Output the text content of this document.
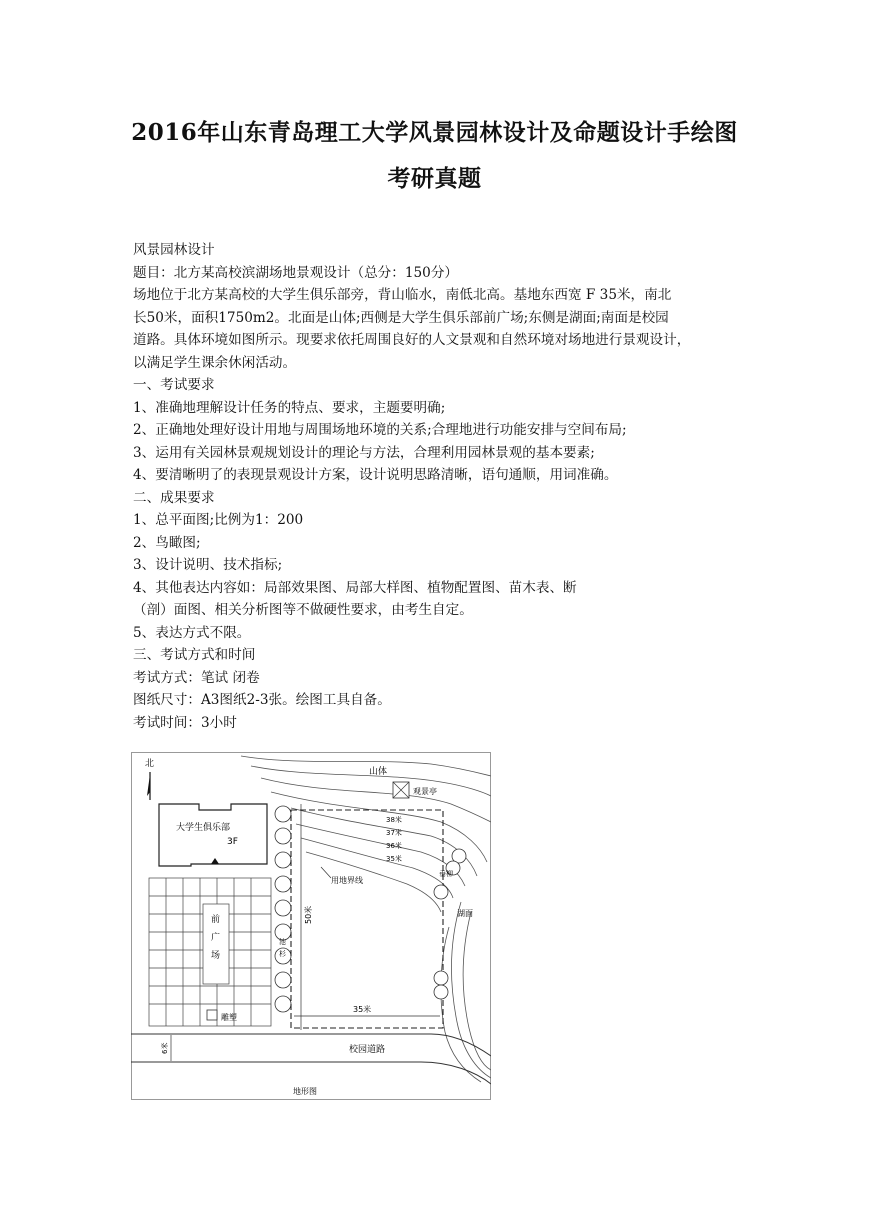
2016年山东青岛理工大学风景园林设计及命题设计手绘图
考研真题

风景园林设计

题目：北方某高校滨湖场地景观设计（总分：150分）

场地位于北方某高校的大学生俱乐部旁，背山临水，南低北高。基地东西宽 F 35米，南北

长50米，面积1750m2。北面是山体;西侧是大学生俱乐部前广场;东侧是湖面;南面是校园

道路。具体环境如图所示。现要求依托周围良好的人文景观和自然环境对场地进行景观设计，

以满足学生课余休闲活动。

一、考试要求

1、准确地理解设计任务的特点、要求，主题要明确;

2、正确地处理好设计用地与周围场地环境的关系;合理地进行功能安排与空间布局;

3、运用有关园林景观规划设计的理论与方法，合理利用园林景观的基本要素;

4、要清晰明了的表现景观设计方案，设计说明思路清晰，语句通顺，用词准确。

二、成果要求

1、总平面图;比例为1：200

2、鸟瞰图;

3、设计说明、技术指标;

4、其他表达内容如：局部效果图、局部大样图、植物配置图、苗木表、断

（剖）面图、相关分析图等不做硬性要求，由考生自定。

5、表达方式不限。

三、考试方式和时间

考试方式：笔试 闭卷

图纸尺寸：A3图纸2-3张。绘图工具自备。

考试时间：3小时

北
山体
观景亭
大学生俱乐部
3F
38米
37米
36米
35米
前
广
场
雕塑
池
杉
用地界线
50米
35米
垂柳
湖面
6米	校园道路
地形图
